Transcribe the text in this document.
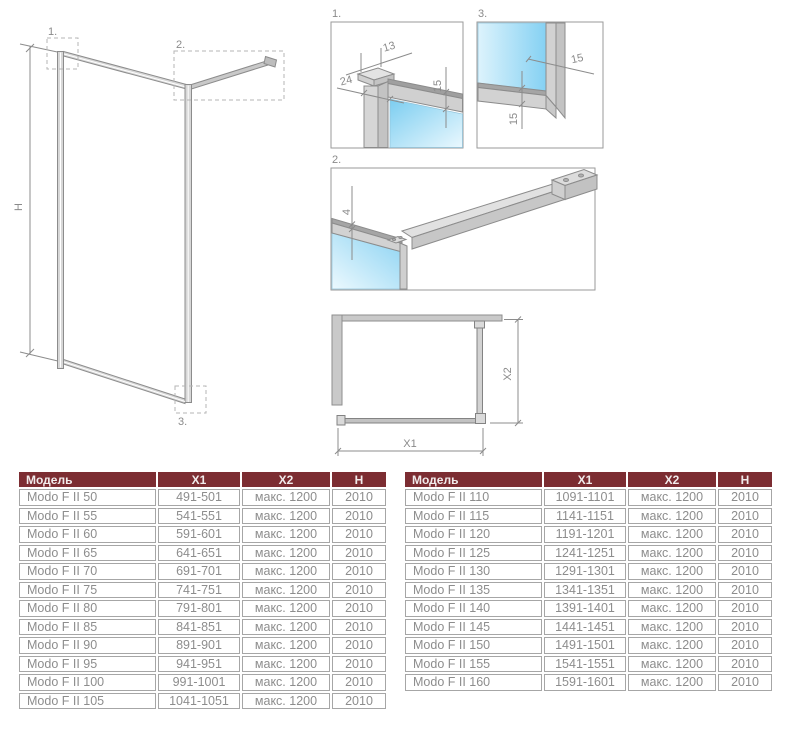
H
1.
2.
3.
1.
13
24	15
3.
15
15
2.
4
X2
X1
Модель	X1	X2	H
Modo F II 50	491-501	макс. 1200	2010
Modo F II 55	541-551	макс. 1200	2010
Modo F II 60	591-601	макс. 1200	2010
Modo F II 65	641-651	макс. 1200	2010
Modo F II 70	691-701	макс. 1200	2010
Modo F II 75	741-751	макс. 1200	2010
Modo F II 80	791-801	макс. 1200	2010
Modo F II 85	841-851	макс. 1200	2010
Modo F II 90	891-901	макс. 1200	2010
Modo F II 95	941-951	макс. 1200	2010
Modo F II 100	991-1001	макс. 1200	2010
Modo F II 105	1041-1051	макс. 1200	2010
Модель	X1	X2	H
Modo F II 110	1091-1101	макс. 1200	2010
Modo F II 115	1141-1151	макс. 1200	2010
Modo F II 120	1191-1201	макс. 1200	2010
Modo F II 125	1241-1251	макс. 1200	2010
Modo F II 130	1291-1301	макс. 1200	2010
Modo F II 135	1341-1351	макс. 1200	2010
Modo F II 140	1391-1401	макс. 1200	2010
Modo F II 145	1441-1451	макс. 1200	2010
Modo F II 150	1491-1501	макс. 1200	2010
Modo F II 155	1541-1551	макс. 1200	2010
Modo F II 160	1591-1601	макс. 1200	2010
